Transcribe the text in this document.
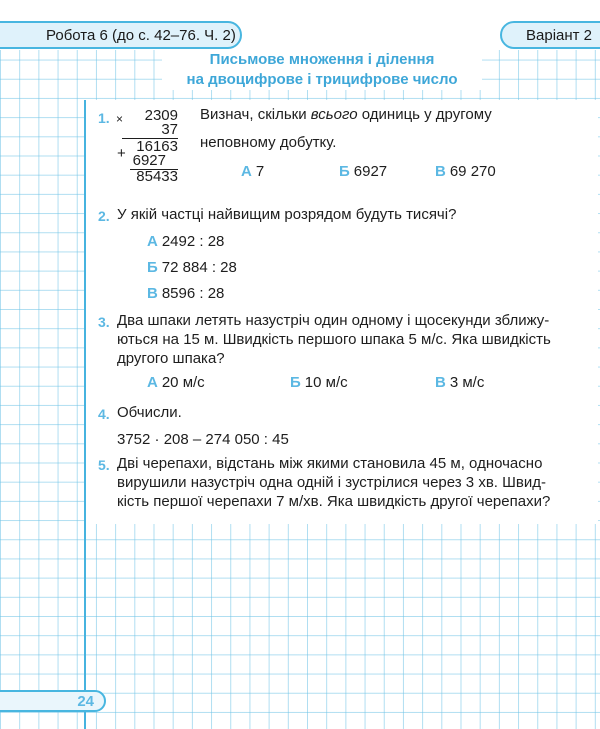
Робота 6 (до с. 42–76. Ч. 2)	Варіант 2
Письмове множення і ділення
на двоцифрове і трицифрове число
1. × 2309
37
+ 16163
6927
85433
Визнач, скільки всього одиниць у другому
неповному добутку.
А 7	Б 6927	В 69 270
2. У якій частці найвищим розрядом будуть тисячі?
А 2492 : 28
Б 72 884 : 28
В 8596 : 28
3. Два шпаки летять назустріч один одному і щосекунди зближу-
ються на 15 м. Швидкість першого шпака 5 м/с. Яка швидкість
другого шпака?
А 20 м/с	Б 10 м/с	В 3 м/с
4. Обчисли.
3752 · 208 – 274 050 : 45
5. Дві черепахи, відстань між якими становила 45 м, одночасно
вирушили назустріч одна одній і зустрілися через 3 хв. Швид-
кість першої черепахи 7 м/хв. Яка швидкість другої черепахи?
24
